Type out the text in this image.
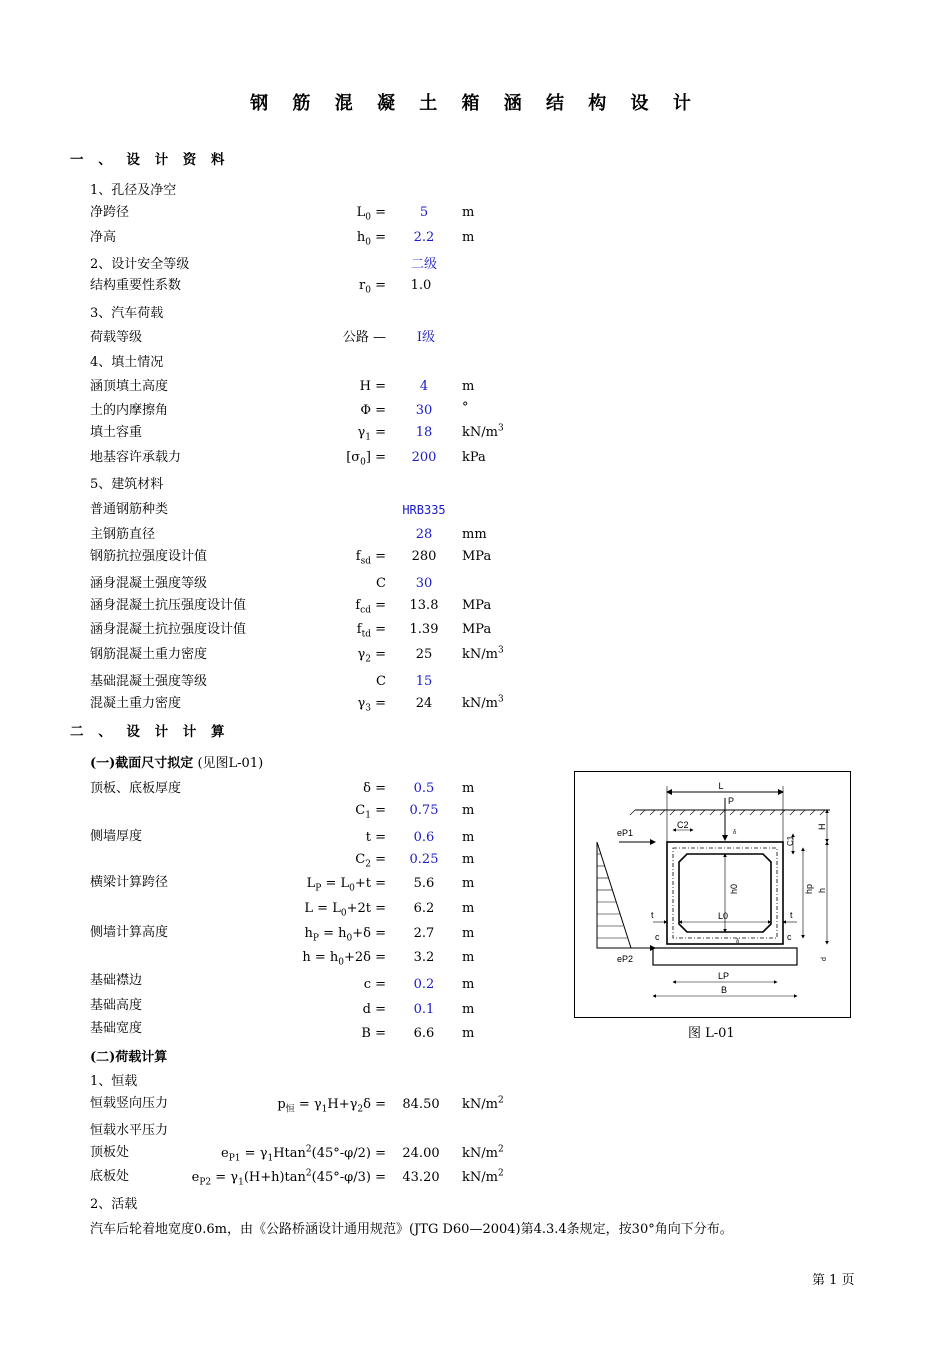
钢 筋 混 凝 土 箱 涵 结 构 设 计
一 、 设 计 资 料
1、孔径及净空
净跨径	$L_0$ =	5	m
净高	$h_0$ =	2.2	m
2、设计安全等级	二级
结构重要性系数	$r_0$ =	1.0
3、汽车荷载
荷载等级	公路 —	Ⅰ级
4、填土情况
涵顶填土高度	H =	4	m
土的内摩擦角	Φ =	30	°
填土容重	$\gamma_1$ =	18	$kN/m^3$
地基容许承载力	$[\sigma_0]$ =	200	kPa
5、建筑材料
普通钢筋种类	HRB335
主钢筋直径	28	mm
钢筋抗拉强度设计值	$f_{sd}$ =	280	MPa
涵身混凝土强度等级	C	30
涵身混凝土抗压强度设计值	$f_{cd}$ =	13.8	MPa
涵身混凝土抗拉强度设计值	$f_{td}$ =	1.39	MPa
钢筋混凝土重力密度	$\gamma_2$ =	25	$kN/m^3$
基础混凝土强度等级	C	15
混凝土重力密度	$\gamma_3$ =	24	$kN/m^3$
二 、 设 计 计 算
(一)截面尺寸拟定 (见图L-01)
顶板、底板厚度	δ =	0.5	m
$C_1$ =	0.75	m
侧墙厚度	t =	0.6	m
$C_2$ =	0.25	m
横梁计算跨径	$L_P = L_0+t$ =	5.6	m
$L = L_0+2t$ =	6.2	m
侧墙计算高度	$h_P = h_0+\delta$ =	2.7	m
$h = h_0+2\delta$ =	3.2	m
基础襟边	c =	0.2	m
基础高度	d =	0.1	m
基础宽度	B =	6.6	m
(二)荷载计算
1、恒载
恒载竖向压力	$p_恒 = \gamma_1H+\gamma_2\delta$ =	84.50	$kN/m^2$
恒载水平压力
顶板处	$e_{P1} = \gamma_1Htan^2(45^\circ-\varphi/2)$ =	24.00	$kN/m^2$
底板处	$e_{P2} = \gamma_1(H+h)\tan^2(45^\circ-\varphi/3)$ =	43.20	$kN/m^2$
2、活载
汽车后轮着地宽度0.6m，由《公路桥涵设计通用规范》(JTG D60—2004)第4.3.4条规定，按30°角向下分布。
L
P
eP1
eP2
C2
δ
δ
C1
h0
L0
t	t
c	c
hp h
H
d
LP
B
图 L-01
第 1 页
